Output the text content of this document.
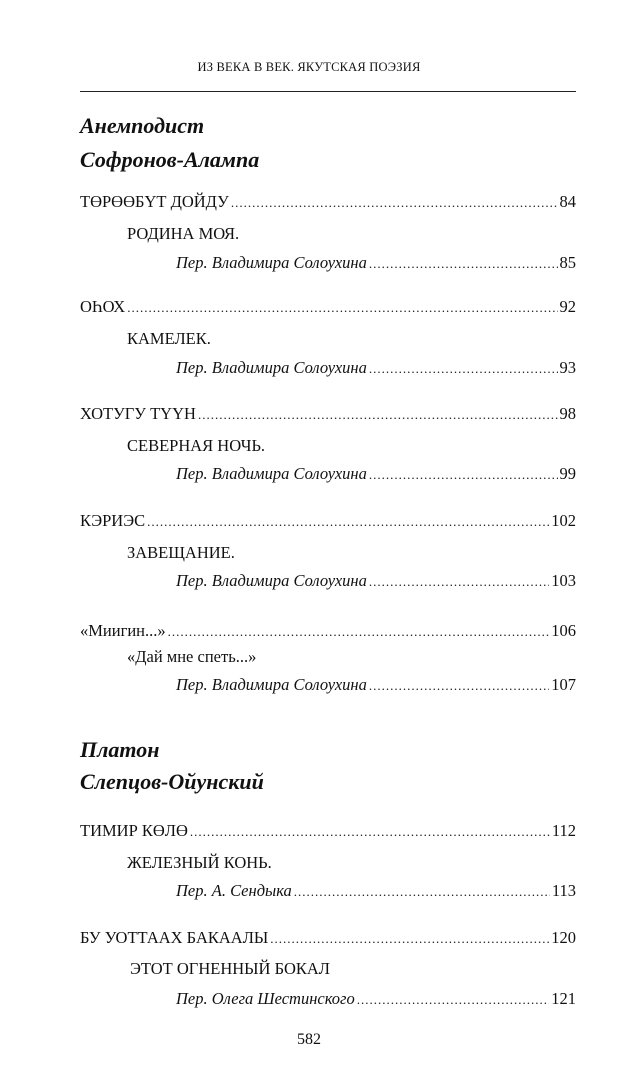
ИЗ ВЕКА В ВЕК. ЯКУТСКАЯ ПОЭЗИЯ
Анемподист
Софронов-Алампа
ТӨРӨӨБҮТ ДОЙДУ .....	84
РОДИНА МОЯ.
Пер. Владимира Солоухина .....	85
ОҺОХ .....	92
КАМЕЛЕК.
Пер. Владимира Солоухина .....	93
ХОТУГУ ТҮҮН .....	98
СЕВЕРНАЯ НОЧЬ.
Пер. Владимира Солоухина .....	99
КЭРИЭС .....	102
ЗАВЕЩАНИЕ.
Пер. Владимира Солоухина .....	103
«Миигин...» .....	106
«Дай мне спеть...»
Пер. Владимира Солоухина .....	107
Платон
Слепцов-Ойунский
ТИМИР КӨЛӨ .....	112
ЖЕЛЕЗНЫЙ КОНЬ.
Пер. А. Сендыка .....	113
БУ УОТТААХ БАКААЛЫ .....	120
ЭТОТ ОГНЕННЫЙ БОКАЛ
Пер. Олега Шестинского .....	121
582
